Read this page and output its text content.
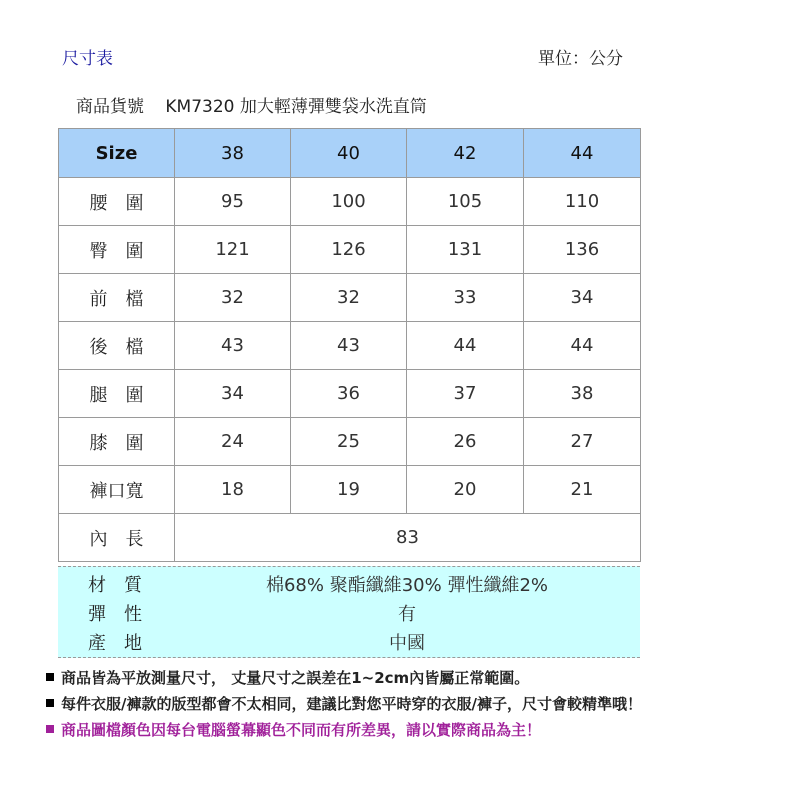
尺寸表	單位：公分
商品貨號 KM7320 加大輕薄彈雙袋水洗直筒
Size	38	40	42	44
腰　圍	95	100	105	110
臀　圍	121	126	131	136
前　檔	32	32	33	34
後　檔	43	43	44	44
腿　圍	34	36	37	38
膝　圍	24	25	26	27
褲口寬	18	19	20	21
內　長	83			
材　質	棉68% 聚酯纖維30% 彈性纖維2%
彈　性	有
產　地	中國
商品皆為平放測量尺寸， 丈量尺寸之誤差在1~2cm內皆屬正常範圍。
每件衣服/褲款的版型都會不太相同，建議比對您平時穿的衣服/褲子，尺寸會較精準哦！
商品圖檔顏色因每台電腦螢幕顯色不同而有所差異，請以實際商品為主！
